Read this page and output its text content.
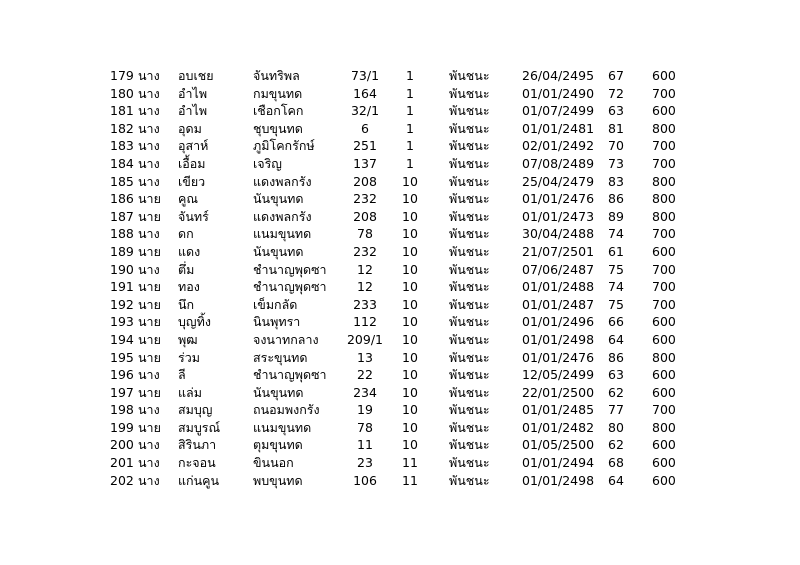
179 นาง อบเชย	จันทริพล	73/1	1	พันชนะ	26/04/2495 67 600
180 นาง อำไพ	กมขุนทด	164	1	พันชนะ	01/01/2490 72 700
181 นาง อำไพ	เชือกโคก	32/1	1	พันชนะ	01/07/2499 63 600
182 นาง อุดม	ชุบขุนทด	6	1	พันชนะ	01/01/2481 81 800
183 นาง อุสาห์	ภูมิโคกรักษ์	251	1	พันชนะ	02/01/2492 70 700
184 นาง เอื้อม	เจริญ	137	1	พันชนะ	07/08/2489 73 700
185 นาง เขียว	แดงพลกรัง	208	10	พันชนะ	25/04/2479 83 800
186 นาย คูณ	นันขุนทด	232	10	พันชนะ	01/01/2476 86 800
187 นาย จันทร์	แดงพลกรัง	208	10	พันชนะ	01/01/2473 89 800
188 นาง ดก	แนมขุนทด	78	10	พันชนะ	30/04/2488 74 700
189 นาย แดง	นันขุนทด	232	10	พันชนะ	21/07/2501 61 600
190 นาง ตึ่ม	ชำนาญพุดซา	12	10	พันชนะ	07/06/2487 75 700
191 นาย ทอง	ชำนาญพุดซา	12	10	พันชนะ	01/01/2488 74 700
192 นาย นึก	เข็มกลัด	233	10	พันชนะ	01/01/2487 75 700
193 นาย บุญทิ้ง	นินพุทรา	112	10	พันชนะ	01/01/2496 66 600
194 นาย พุฒ	จงนาทกลาง	209/1	10	พันชนะ	01/01/2498 64 600
195 นาย ร่วม	สระขุนทด	13	10	พันชนะ	01/01/2476 86 800
196 นาง ลี	ชำนาญพุดซา	22	10	พันชนะ	12/05/2499 63 600
197 นาย แล่ม	นันขุนทด	234	10	พันชนะ	22/01/2500 62 600
198 นาง สมบุญ	ถนอมพงกรัง	19	10	พันชนะ	01/01/2485 77 700
199 นาย สมบูรณ์	แนมขุนทด	78	10	พันชนะ	01/01/2482 80 800
200 นาง สิรินภา	ตุมขุนทด	11	10	พันชนะ	01/05/2500 62 600
201 นาง กะจอน	ขินนอก	23	11	พันชนะ	01/01/2494 68 600
202 นาง แก่นคูน	พบขุนทด	106	11	พันชนะ	01/01/2498 64 600
